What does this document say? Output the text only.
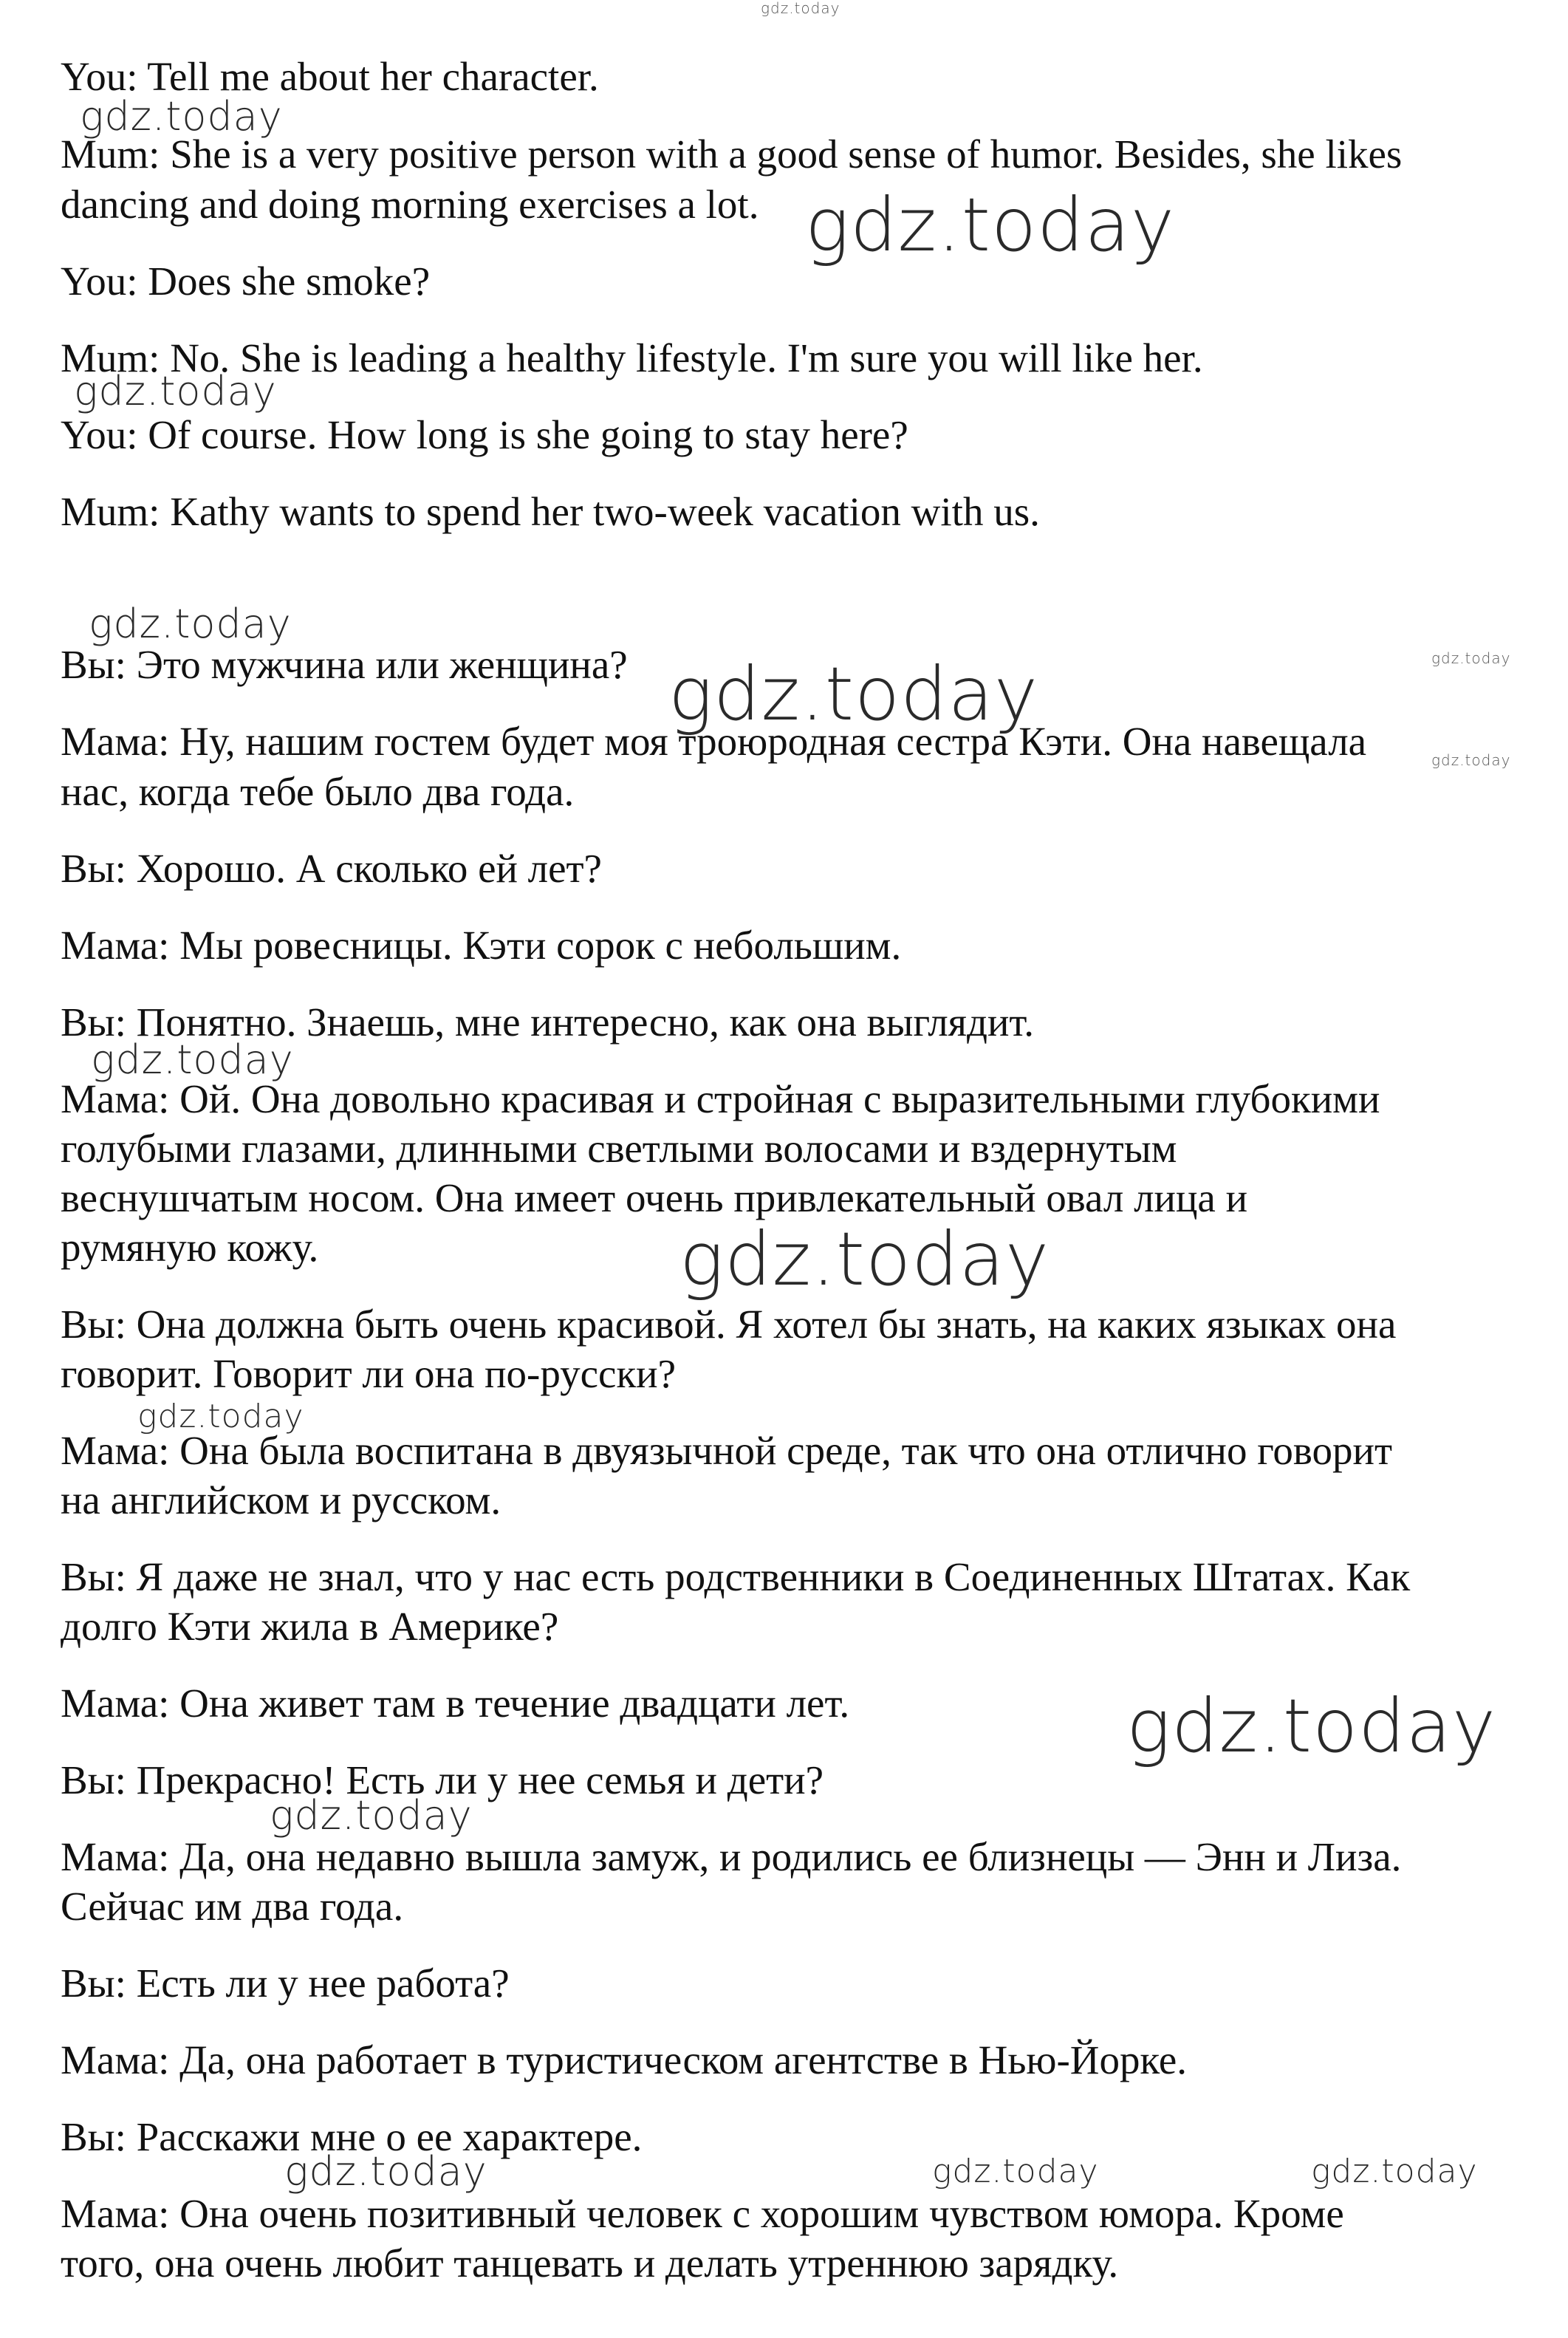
You: Tell me about her character.
Mum: She is a very positive person with a good sense of humor. Besides, she likes
dancing and doing morning exercises a lot.
You: Does she smoke?
Mum: No. She is leading a healthy lifestyle. I'm sure you will like her.
You: Of course. How long is she going to stay here?
Mum: Kathy wants to spend her two-week vacation with us.
Вы: Это мужчина или женщина?
Мама: Ну, нашим гостем будет моя троюродная сестра Кэти. Она навещала
нас, когда тебе было два года.
Вы: Хорошо. А сколько ей лет?
Мама: Мы ровесницы. Кэти сорок с небольшим.
Вы: Понятно. Знаешь, мне интересно, как она выглядит.
Мама: Ой. Она довольно красивая и стройная с выразительными глубокими
голубыми глазами, длинными светлыми волосами и вздернутым
веснушчатым носом. Она имеет очень привлекательный овал лица и
румяную кожу.
Вы: Она должна быть очень красивой. Я хотел бы знать, на каких языках она
говорит. Говорит ли она по-русски?
Мама: Она была воспитана в двуязычной среде, так что она отлично говорит
на английском и русском.
Вы: Я даже не знал, что у нас есть родственники в Соединенных Штатах. Как
долго Кэти жила в Америке?
Мама: Она живет там в течение двадцати лет.
Вы: Прекрасно! Есть ли у нее семья и дети?
Мама: Да, она недавно вышла замуж, и родились ее близнецы — Энн и Лиза.
Сейчас им два года.
Вы: Есть ли у нее работа?
Мама: Да, она работает в туристическом агентстве в Нью-Йорке.
Вы: Расскажи мне о ее характере.
Мама: Она очень позитивный человек с хорошим чувством юмора. Кроме
того, она очень любит танцевать и делать утреннюю зарядку.
gdz.today
gdz.today
gdz.today
gdz.today
gdz.today
gdz.today
gdz.today
gdz.today
gdz.today
gdz.today
gdz.today
gdz.today
gdz.today
gdz.today	gdz.today	gdz.today
